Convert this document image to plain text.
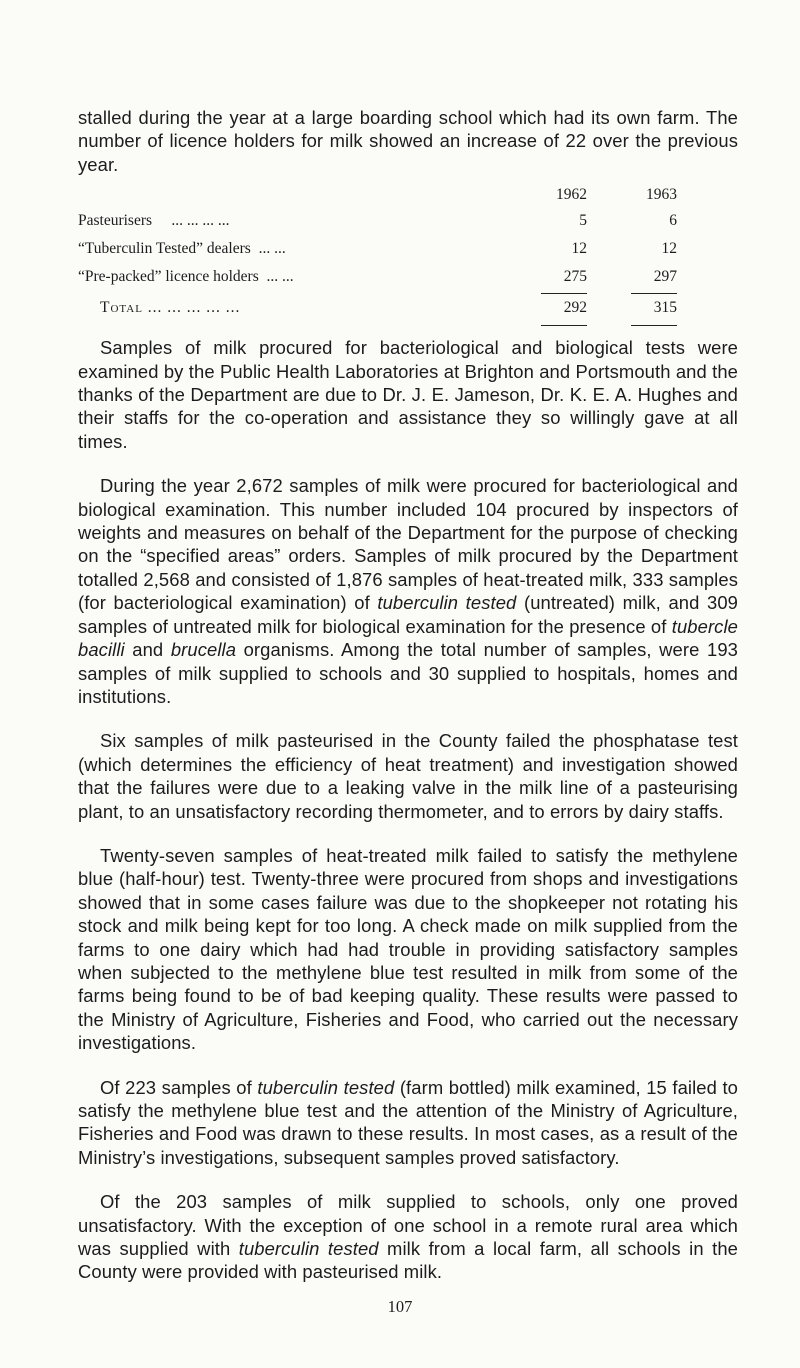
stalled during the year at a large boarding school which had its own farm. The number of licence holders for milk showed an increase of 22 over the previous year.

1962	1963
Pasteurisers ... ... ... ...	5	6
“Tuberculin Tested” dealers ... ...	12	12
“Pre-packed” licence holders ... ...	275	297
Total ... ... ... ... ...	292	315

Samples of milk procured for bacteriological and biological tests were examined by the Public Health Laboratories at Brighton and Portsmouth and the thanks of the Department are due to Dr. J. E. Jameson, Dr. K. E. A. Hughes and their staffs for the co-operation and assistance they so willingly gave at all times.

During the year 2,672 samples of milk were procured for bacteriological and biological examination. This number included 104 procured by inspectors of weights and measures on behalf of the Department for the purpose of checking on the “specified areas” orders. Samples of milk procured by the Department totalled 2,568 and consisted of 1,876 samples of heat-treated milk, 333 samples (for bacteriological examination) of tuberculin tested (untreated) milk, and 309 samples of untreated milk for biological examination for the presence of tubercle bacilli and brucella organisms. Among the total number of samples, were 193 samples of milk supplied to schools and 30 supplied to hospitals, homes and institutions.

Six samples of milk pasteurised in the County failed the phosphatase test (which determines the efficiency of heat treatment) and investigation showed that the failures were due to a leaking valve in the milk line of a pasteurising plant, to an unsatisfactory recording thermometer, and to errors by dairy staffs.

Twenty-seven samples of heat-treated milk failed to satisfy the methylene blue (half-hour) test. Twenty-three were procured from shops and investigations showed that in some cases failure was due to the shopkeeper not rotating his stock and milk being kept for too long. A check made on milk supplied from the farms to one dairy which had had trouble in providing satisfactory samples when subjected to the methylene blue test resulted in milk from some of the farms being found to be of bad keeping quality. These results were passed to the Ministry of Agriculture, Fisheries and Food, who carried out the necessary investigations.

Of 223 samples of tuberculin tested (farm bottled) milk examined, 15 failed to satisfy the methylene blue test and the attention of the Ministry of Agriculture, Fisheries and Food was drawn to these results. In most cases, as a result of the Ministry’s investigations, subsequent samples proved satisfactory.

Of the 203 samples of milk supplied to schools, only one proved unsatisfactory. With the exception of one school in a remote rural area which was supplied with tuberculin tested milk from a local farm, all schools in the County were provided with pasteurised milk.

107
